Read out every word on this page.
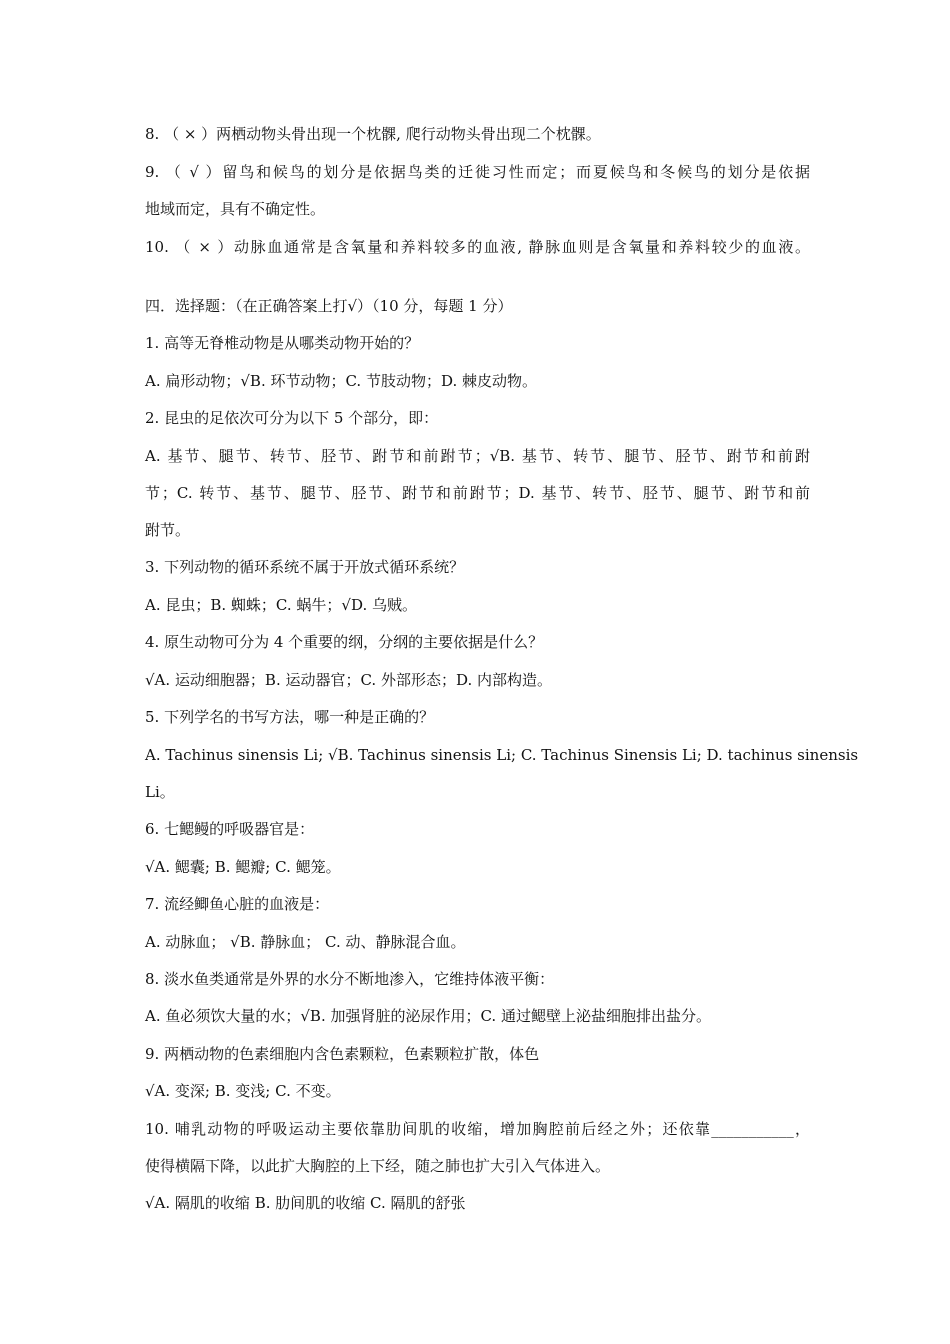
8. （ × ）两栖动物头骨出现一个枕髁, 爬行动物头骨出现二个枕髁。
9. （ √ ）留鸟和候鸟的划分是依据鸟类的迁徙习性而定；而夏候鸟和冬候鸟的划分是依据
地域而定，具有不确定性。
10. （ × ）动脉血通常是含氧量和养料较多的血液, 静脉血则是含氧量和养料较少的血液。
四．选择题：（在正确答案上打√）（10 分，每题 1 分）
1. 高等无脊椎动物是从哪类动物开始的？
A. 扁形动物；√B. 环节动物；C. 节肢动物；D. 棘皮动物。
2. 昆虫的足依次可分为以下 5 个部分，即：
A. 基节、腿节、转节、胫节、跗节和前跗节；√B. 基节、转节、腿节、胫节、跗节和前跗
节；C. 转节、基节、腿节、胫节、跗节和前跗节；D. 基节、转节、胫节、腿节、跗节和前
跗节。
3. 下列动物的循环系统不属于开放式循环系统？
A. 昆虫；B. 蜘蛛；C. 蜗牛；√D. 乌贼。
4. 原生动物可分为 4 个重要的纲，分纲的主要依据是什么？
√A. 运动细胞器；B. 运动器官；C. 外部形态；D. 内部构造。
5. 下列学名的书写方法，哪一种是正确的？
A. Tachinus sinensis Li; √B. Tachinus sinensis Li; C. Tachinus Sinensis Li; D. tachinus sinensis
Li。
6. 七鳃鳗的呼吸器官是：
√A. 鳃囊; B. 鳃瓣; C. 鳃笼。
7. 流经鲫鱼心脏的血液是：
A. 动脉血； √B. 静脉血； C. 动、静脉混合血。
8. 淡水鱼类通常是外界的水分不断地渗入，它维持体液平衡：
A. 鱼必须饮大量的水；√B. 加强肾脏的泌尿作用；C. 通过鳃壁上泌盐细胞排出盐分。
9. 两栖动物的色素细胞内含色素颗粒，色素颗粒扩散，体色
√A. 变深; B. 变浅; C. 不变。
10. 哺乳动物的呼吸运动主要依靠肋间肌的收缩，增加胸腔前后经之外；还依靠___________，
使得横隔下降，以此扩大胸腔的上下经，随之肺也扩大引入气体进入。
√A. 隔肌的收缩 B. 肋间肌的收缩 C. 隔肌的舒张
